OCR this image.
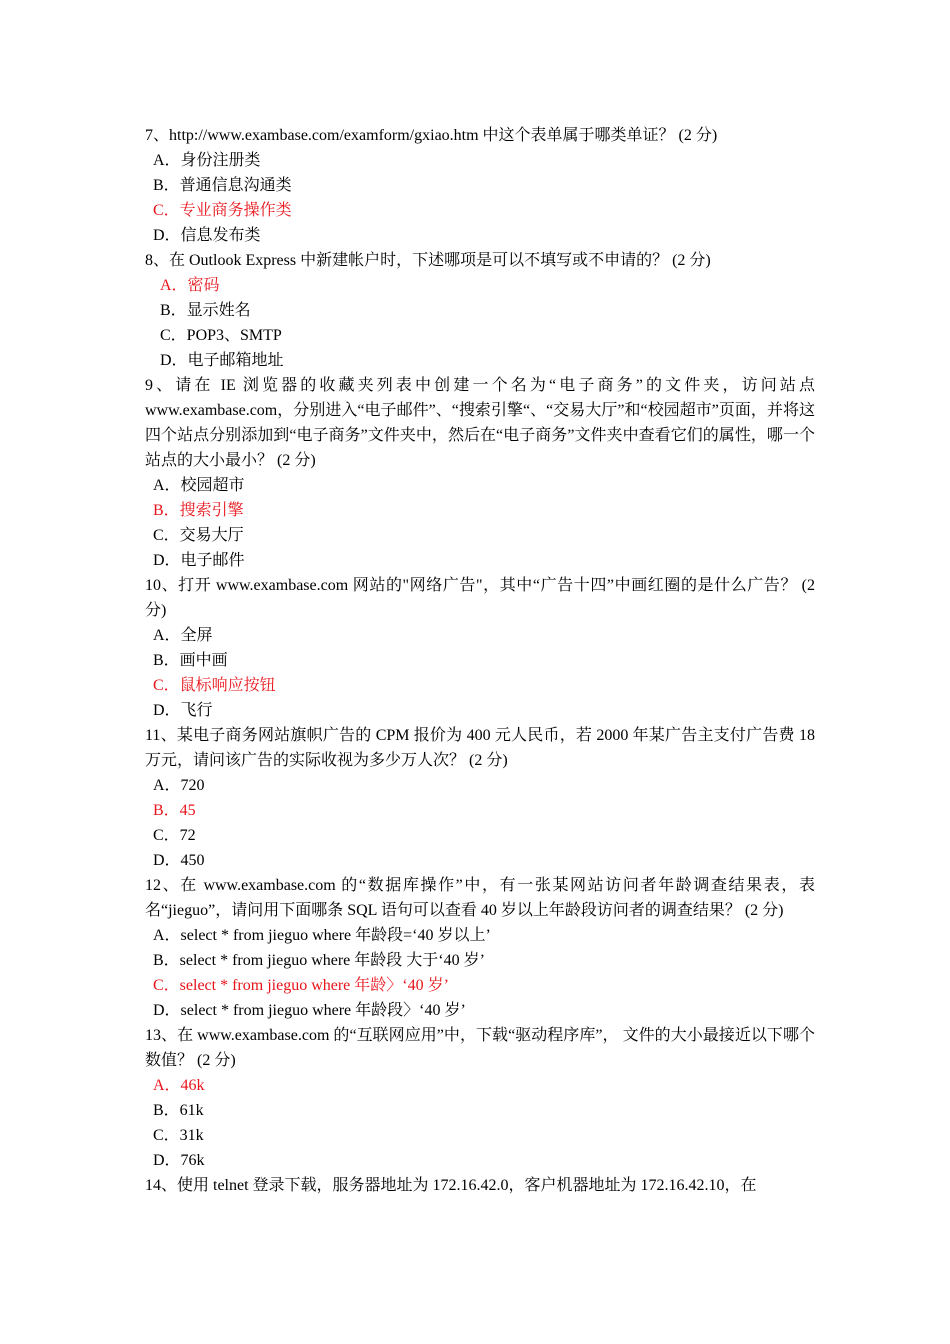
7、http://www.exambase.com/examform/gxiao.htm 中这个表单属于哪类单证？ (2 分)

A．身份注册类

B．普通信息沟通类

C．专业商务操作类

D．信息发布类

8、在 Outlook Express 中新建帐户时，下述哪项是可以不填写或不申请的？ (2 分)

A．密码

B．显示姓名

C．POP3、SMTP

D．电子邮箱地址

9、请在 IE 浏览器的收藏夹列表中创建一个名为“电子商务”的文件夹，访问站点 www.exambase.com，分别进入“电子邮件”、“搜索引擎“、“交易大厅”和“校园超市”页面，并将这四个站点分别添加到“电子商务”文件夹中，然后在“电子商务”文件夹中查看它们的属性，哪一个站点的大小最小？ (2 分)

A．校园超市

B．搜索引擎

C．交易大厅

D．电子邮件

10、打开 www.exambase.com 网站的"网络广告"，其中“广告十四”中画红圈的是什么广告？ (2 分)

A．全屏

B．画中画

C．鼠标响应按钮

D．飞行

11、某电子商务网站旗帜广告的 CPM 报价为 400 元人民币，若 2000 年某广告主支付广告费 18 万元，请问该广告的实际收视为多少万人次？ (2 分)

A．720

B．45

C．72

D．450

12、在 www.exambase.com 的“数据库操作”中，有一张某网站访问者年龄调查结果表，表名“jieguo”，请问用下面哪条 SQL 语句可以查看 40 岁以上年龄段访问者的调查结果？ (2 分)

A．select * from jieguo where 年龄段=‘40 岁以上’

B．select * from jieguo where 年龄段 大于‘40 岁’

C．select * from jieguo where 年龄〉‘40 岁’

D．select * from jieguo where 年龄段〉‘40 岁’

13、在 www.exambase.com 的“互联网应用”中，下载“驱动程序库”， 文件的大小最接近以下哪个数值？ (2 分)

A．46k

B．61k

C．31k

D．76k

14、使用 telnet 登录下载，服务器地址为 172.16.42.0，客户机器地址为 172.16.42.10，在
